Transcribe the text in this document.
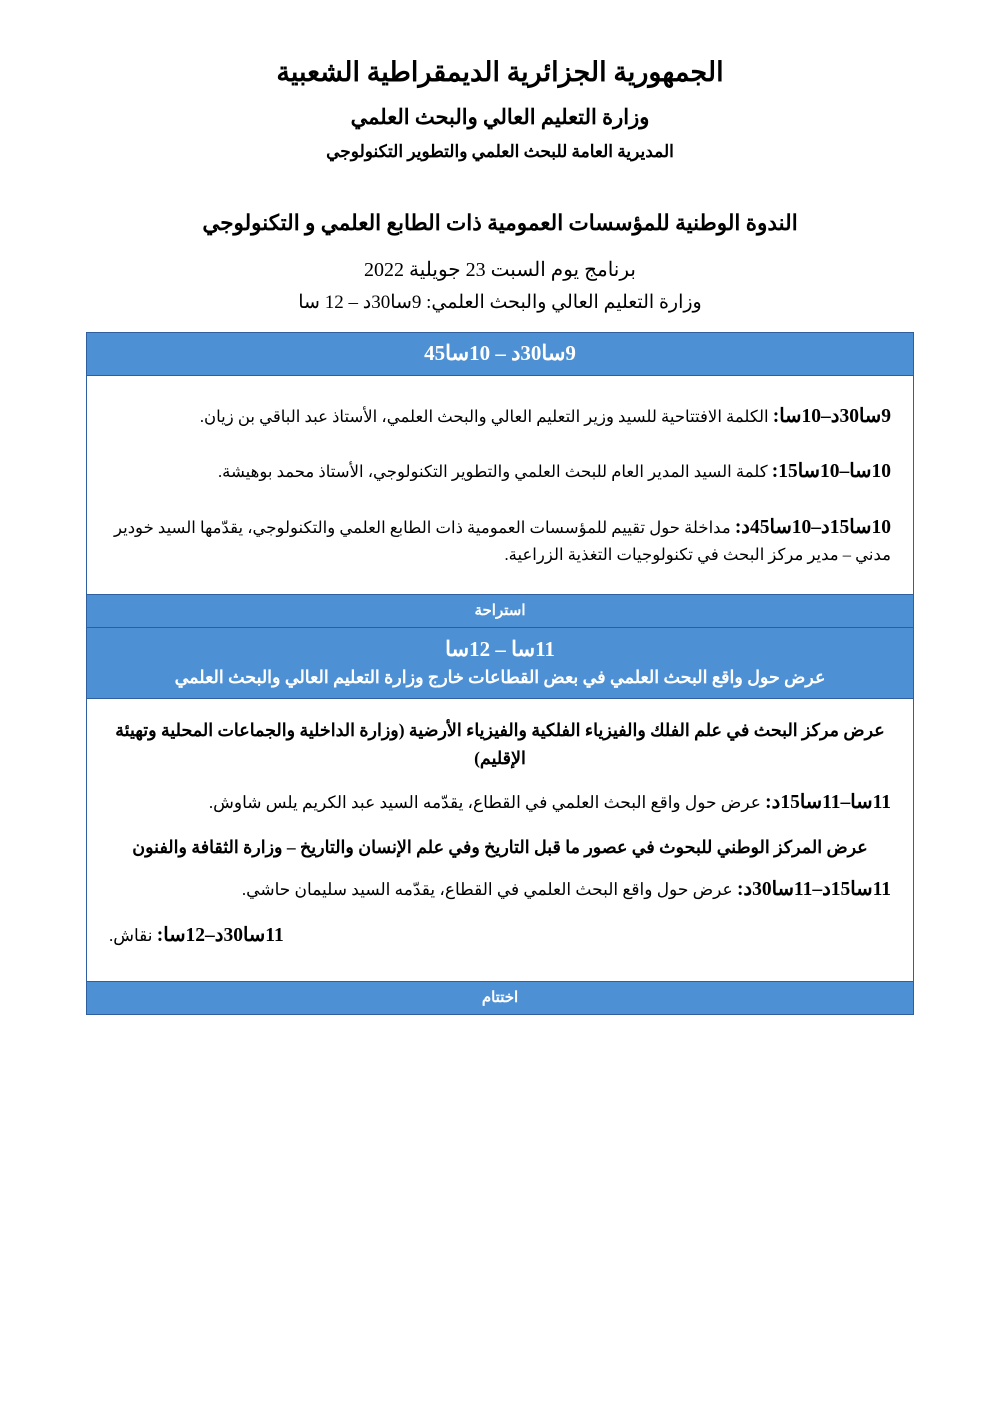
الجمهورية الجزائرية الديمقراطية الشعبية
وزارة التعليم العالي والبحث العلمي
المديرية العامة للبحث العلمي والتطوير التكنولوجي
الندوة الوطنية للمؤسسات العمومية ذات الطابع العلمي و التكنولوجي
برنامج يوم السبت 23 جويلية 2022
وزارة التعليم العالي والبحث العلمي: 9سا30د – 12 سا
9سا30د – 10سا45

9سا30د–10سا: الكلمة الافتتاحية للسيد وزير التعليم العالي والبحث العلمي، الأستاذ عبد الباقي بن زيان.

10سا–10سا15: كلمة السيد المدير العام للبحث العلمي والتطوير التكنولوجي، الأستاذ محمد بوهيشة.

10سا15د–10سا45د: مداخلة حول تقييم للمؤسسات العمومية ذات الطابع العلمي والتكنولوجي، يقدّمها السيد خودير مدني – مدير مركز البحث في تكنولوجيات التغذية الزراعية.

استراحة

11سا – 12سا
عرض حول واقع البحث العلمي في بعض القطاعات خارج وزارة التعليم العالي والبحث العلمي

عرض مركز البحث في علم الفلك والفيزياء الفلكية والفيزياء الأرضية (وزارة الداخلية والجماعات المحلية وتهيئة الإقليم)

11سا–11سا15د: عرض حول واقع البحث العلمي في القطاع، يقدّمه السيد عبد الكريم يلس شاوش.

عرض المركز الوطني للبحوث في عصور ما قبل التاريخ وفي علم الإنسان والتاريخ – وزارة الثقافة والفنون

11سا15د–11سا30د: عرض حول واقع البحث العلمي في القطاع، يقدّمه السيد سليمان حاشي.

11سا30د–12سا: نقاش.

اختتام
